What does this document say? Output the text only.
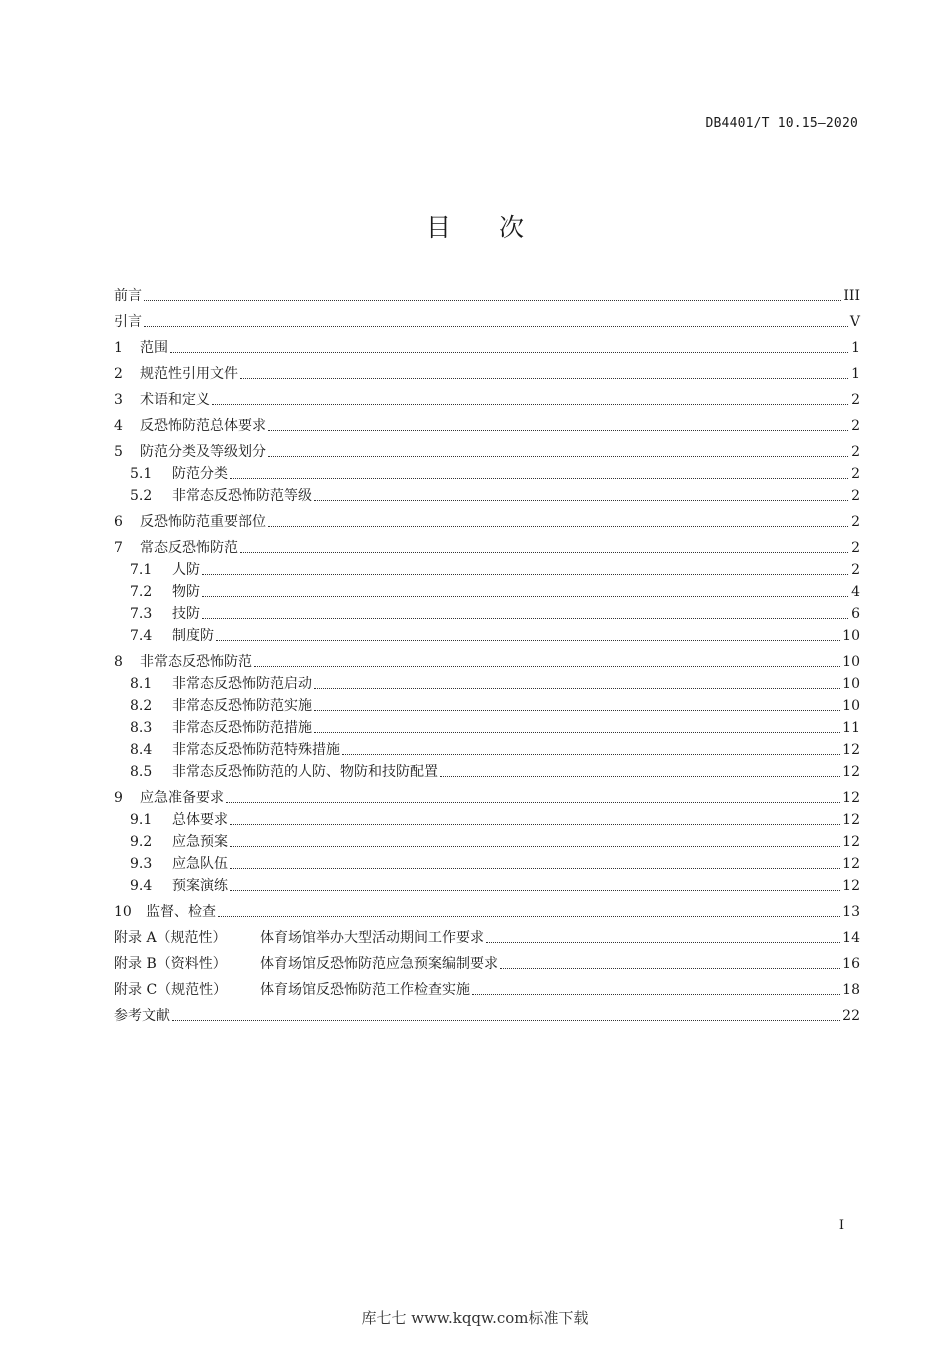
DB4401/T 10.15—2020
目次
前言	III
引言	V
1	范围	1
2	规范性引用文件	1
3	术语和定义	2
4	反恐怖防范总体要求	2
5	防范分类及等级划分	2
5.1	防范分类	2
5.2	非常态反恐怖防范等级	2
6	反恐怖防范重要部位	2
7	常态反恐怖防范	2
7.1	人防	2
7.2	物防	4
7.3	技防	6
7.4	制度防	10
8	非常态反恐怖防范	10
8.1	非常态反恐怖防范启动	10
8.2	非常态反恐怖防范实施	10
8.3	非常态反恐怖防范措施	11
8.4	非常态反恐怖防范特殊措施	12
8.5	非常态反恐怖防范的人防、物防和技防配置	12
9	应急准备要求	12
9.1	总体要求	12
9.2	应急预案	12
9.3	应急队伍	12
9.4	预案演练	12
10	监督、检查	13
附录 A（规范性）	体育场馆举办大型活动期间工作要求	14
附录 B（资料性）	体育场馆反恐怖防范应急预案编制要求	16
附录 C（规范性）	体育场馆反恐怖防范工作检查实施	18
参考文献	22
I
库七七 www.kqqw.com标准下载
